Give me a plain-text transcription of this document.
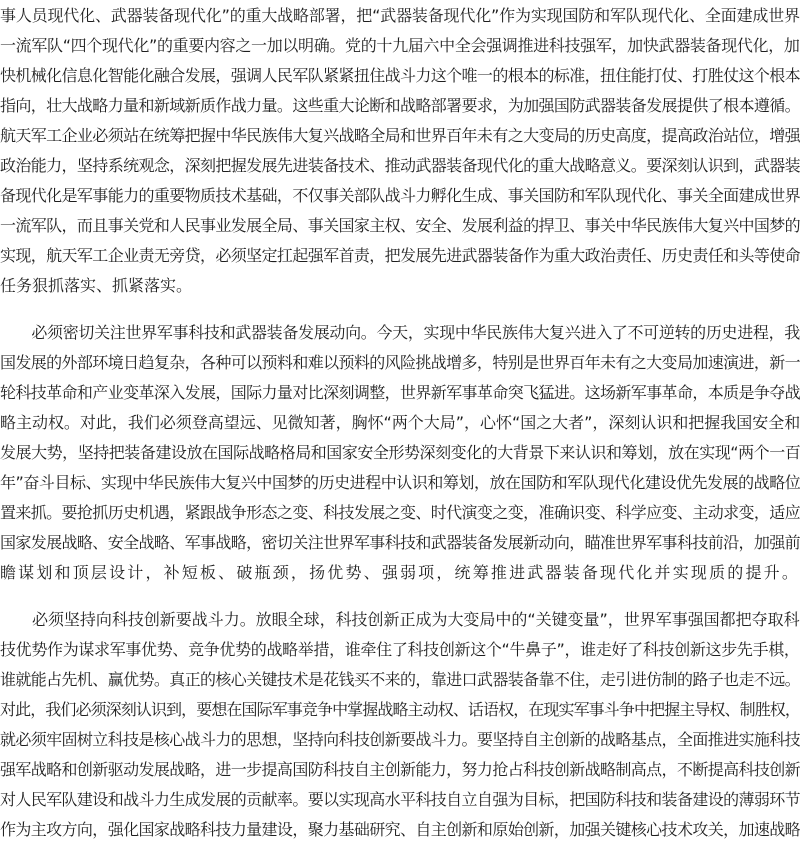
事人员现代化、武器装备现代化”的重大战略部署，把“武器装备现代化”作为实现国防和军队现代化、全面建成世界
一流军队“四个现代化”的重要内容之一加以明确。党的十九届六中全会强调推进科技强军，加快武器装备现代化，加
快机械化信息化智能化融合发展，强调人民军队紧紧扭住战斗力这个唯一的根本的标准，扭住能打仗、打胜仗这个根本
指向，壮大战略力量和新域新质作战力量。这些重大论断和战略部署要求，为加强国防武器装备发展提供了根本遵循。
航天军工企业必须站在统筹把握中华民族伟大复兴战略全局和世界百年未有之大变局的历史高度，提高政治站位，增强
政治能力，坚持系统观念，深刻把握发展先进装备技术、推动武器装备现代化的重大战略意义。要深刻认识到，武器装
备现代化是军事能力的重要物质技术基础，不仅事关部队战斗力孵化生成、事关国防和军队现代化、事关全面建成世界
一流军队，而且事关党和人民事业发展全局、事关国家主权、安全、发展利益的捍卫、事关中华民族伟大复兴中国梦的
实现，航天军工企业责无旁贷，必须坚定扛起强军首责，把发展先进武器装备作为重大政治责任、历史责任和头等使命
任务狠抓落实、抓紧落实。
　　必须密切关注世界军事科技和武器装备发展动向。今天，实现中华民族伟大复兴进入了不可逆转的历史进程，我
国发展的外部环境日趋复杂，各种可以预料和难以预料的风险挑战增多，特别是世界百年未有之大变局加速演进，新一
轮科技革命和产业变革深入发展，国际力量对比深刻调整，世界新军事革命突飞猛进。这场新军事革命，本质是争夺战
略主动权。对此，我们必须登高望远、见微知著，胸怀“两个大局”，心怀“国之大者”，深刻认识和把握我国安全和
发展大势，坚持把装备建设放在国际战略格局和国家安全形势深刻变化的大背景下来认识和筹划，放在实现“两个一百
年”奋斗目标、实现中华民族伟大复兴中国梦的历史进程中认识和筹划，放在国防和军队现代化建设优先发展的战略位
置来抓。要抢抓历史机遇，紧跟战争形态之变、科技发展之变、时代演变之变，准确识变、科学应变、主动求变，适应
国家发展战略、安全战略、军事战略，密切关注世界军事科技和武器装备发展新动向，瞄准世界军事科技前沿，加强前
瞻谋划和顶层设计，补短板、破瓶颈，扬优势、强弱项，统筹推进武器装备现代化并实现质的提升。
　　必须坚持向科技创新要战斗力。放眼全球，科技创新正成为大变局中的“关键变量”，世界军事强国都把夺取科
技优势作为谋求军事优势、竞争优势的战略举措，谁牵住了科技创新这个“牛鼻子”，谁走好了科技创新这步先手棋，
谁就能占先机、赢优势。真正的核心关键技术是花钱买不来的，靠进口武器装备靠不住，走引进仿制的路子也走不远。
对此，我们必须深刻认识到，要想在国际军事竞争中掌握战略主动权、话语权，在现实军事斗争中把握主导权、制胜权，
就必须牢固树立科技是核心战斗力的思想，坚持向科技创新要战斗力。要坚持自主创新的战略基点，全面推进实施科技
强军战略和创新驱动发展战略，进一步提高国防科技自主创新能力，努力抢占科技创新战略制高点，不断提高科技创新
对人民军队建设和战斗力生成发展的贡献率。要以实现高水平科技自立自强为目标，把国防科技和装备建设的薄弱环节
作为主攻方向，强化国家战略科技力量建设，聚力基础研究、自主创新和原始创新，加强关键核心技术攻关，加速战略
